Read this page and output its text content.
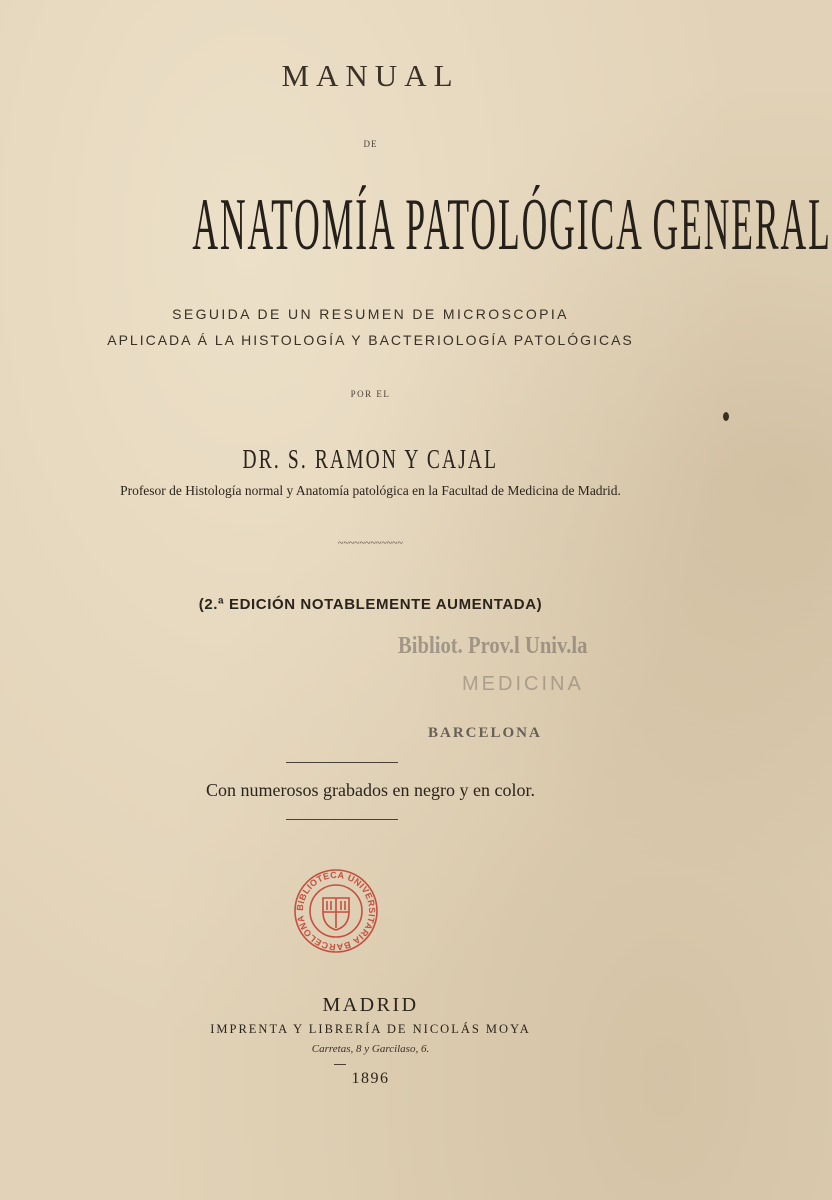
MANUAL
DE
ANATOMÍA PATOLÓGICA GENERAL
SEGUIDA DE UN RESUMEN DE MICROSCOPIA
APLICADA Á LA HISTOLOGÍA Y BACTERIOLOGÍA PATOLÓGICAS
POR EL
DR. S. RAMON Y CAJAL
Profesor de Histología normal y Anatomía patológica en la Facultad de Medicina de Madrid.
~~~~~~~~~~~~
(2.ª EDICIÓN NOTABLEMENTE AUMENTADA)
Bibliot. Prov.l Univ.la
MEDICINA
BARCELONA
Con numerosos grabados en negro y en color.
BIBLIOTECA UNIVERSITARIA BARCELONA
MADRID
IMPRENTA Y LIBRERÍA DE NICOLÁS MOYA
Carretas, 8 y Garcilaso, 6.
1896
